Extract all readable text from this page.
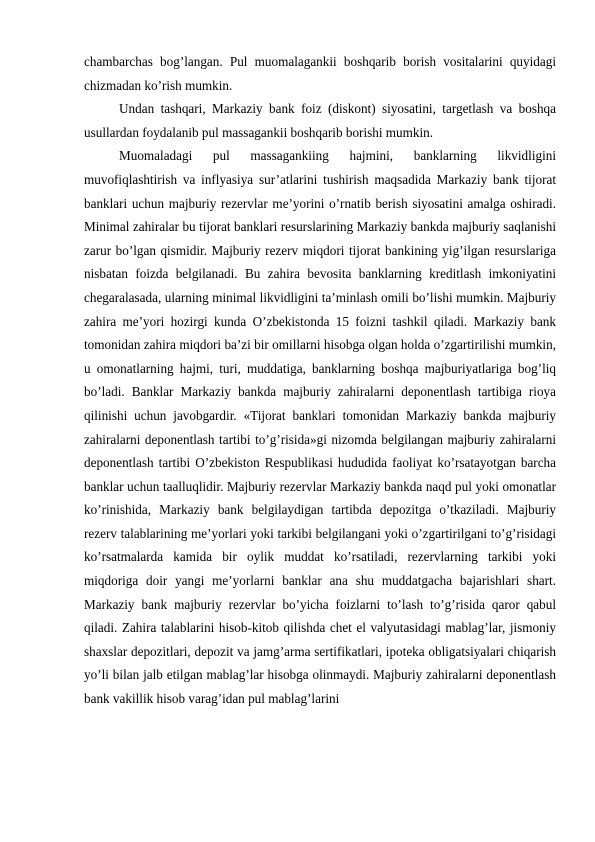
chambarchas bog’langan. Pul muomalagankii boshqarib borish vositalarini quyidagi chizmadan ko’rish mumkin.

Undan tashqari, Markaziy bank foiz (diskont) siyosatini, targetlash va boshqa usullardan foydalanib pul massagankii boshqarib borishi mumkin.

Muomaladagi pul massagankiing hajmini, banklarning likvidligini muvofiqlashtirish va inflyasiya sur’atlarini tushirish maqsadida Markaziy bank tijorat banklari uchun majburiy rezervlar me’yorini o’rnatib berish siyosatini amalga oshiradi. Minimal zahiralar bu tijorat banklari resurslarining Markaziy bankda majburiy saqlanishi zarur bo’lgan qismidir. Majburiy rezerv miqdori tijorat bankining yig’ilgan resurslariga nisbatan foizda belgilanadi. Bu zahira bevosita banklarning kreditlash imkoniyatini chegaralasada, ularning minimal likvidligini ta’minlash omili bo’lishi mumkin. Majburiy zahira me’yori hozirgi kunda O’zbekistonda 15 foizni tashkil qiladi. Markaziy bank tomonidan zahira miqdori ba’zi bir omillarni hisobga olgan holda o’zgartirilishi mumkin, u omonatlarning hajmi, turi, muddatiga, banklarning boshqa majburiyatlariga bog’liq bo’ladi. Banklar Markaziy bankda majburiy zahiralarni deponentlash tartibiga rioya qilinishi uchun javobgardir. «Tijorat banklari tomonidan Markaziy bankda majburiy zahiralarni deponentlash tartibi to’g’risida»gi nizomda belgilangan majburiy zahiralarni deponentlash tartibi O’zbekiston Respublikasi hududida faoliyat ko’rsatayotgan barcha banklar uchun taalluqlidir. Majburiy rezervlar Markaziy bankda naqd pul yoki omonatlar ko’rinishida, Markaziy bank belgilaydigan tartibda depozitga o’tkaziladi. Majburiy rezerv talablarining me’yorlari yoki tarkibi belgilangani yoki o’zgartirilgani to’g’risidagi ko’rsatmalarda kamida bir oylik muddat ko’rsatiladi, rezervlarning tarkibi yoki miqdoriga doir yangi me’yorlarni banklar ana shu muddatgacha bajarishlari shart. Markaziy bank majburiy rezervlar bo’yicha foizlarni to’lash to’g’risida qaror qabul qiladi. Zahira talablarini hisob-kitob qilishda chet el valyutasidagi mablag’lar, jismoniy shaxslar depozitlari, depozit va jamg’arma sertifikatlari, ipoteka obligatsiyalari chiqarish yo’li bilan jalb etilgan mablag’lar hisobga olinmaydi. Majburiy zahiralarni deponentlash bank vakillik hisob varag’idan pul mablag’larini
